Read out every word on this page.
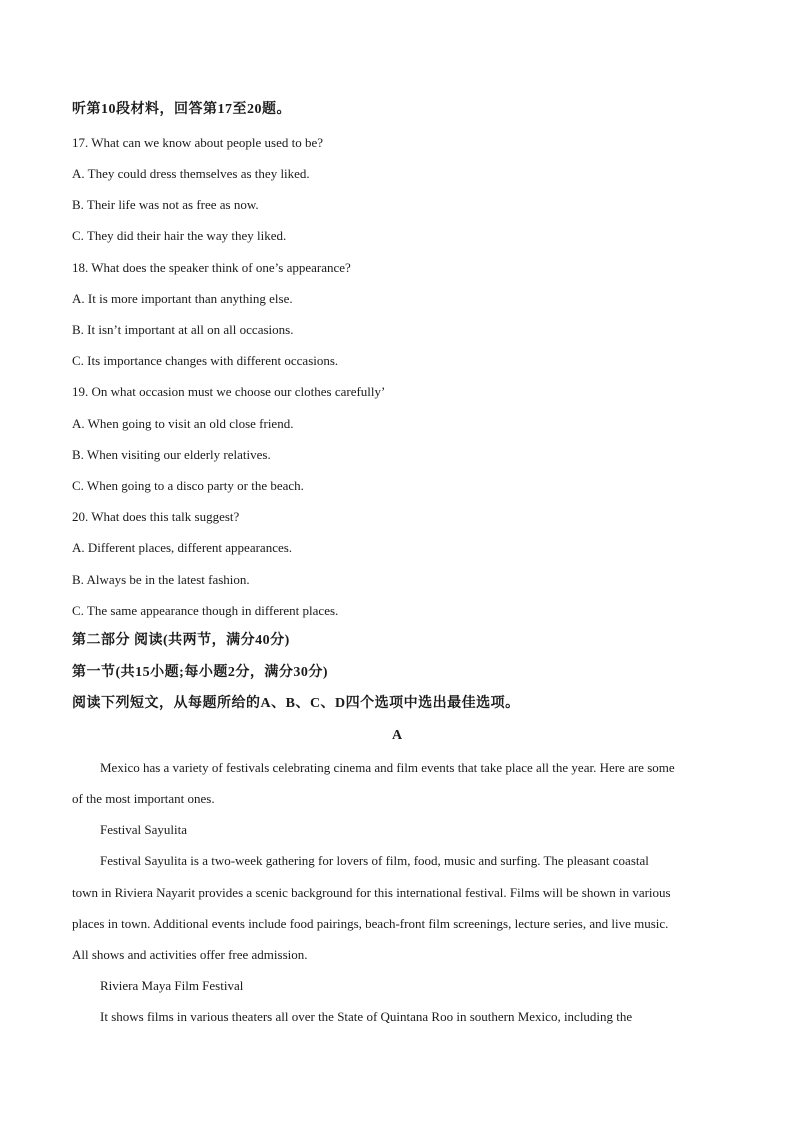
听第10段材料，回答第17至20题。
17. What can we know about people used to be?
A. They could dress themselves as they liked.
B. Their life was not as free as now.
C. They did their hair the way they liked.
18. What does the speaker think of one’s appearance?
A. It is more important than anything else.
B. It isn’t important at all on all occasions.
C. Its importance changes with different occasions.
19. On what occasion must we choose our clothes carefully’
A. When going to visit an old close friend.
B. When visiting our elderly relatives.
C. When going to a disco party or the beach.
20. What does this talk suggest?
A. Different places, different appearances.
B. Always be in the latest fashion.
C. The same appearance though in different places.
第二部分 阅读(共两节，满分40分)
第一节(共15小题;每小题2分，满分30分)
阅读下列短文，从每题所给的A、B、C、D四个选项中选出最佳选项。
A
Mexico has a variety of festivals celebrating cinema and film events that take place all the year. Here are some
of the most important ones.
Festival Sayulita
Festival Sayulita is a two-week gathering for lovers of film, food, music and surfing. The pleasant coastal
town in Riviera Nayarit provides a scenic background for this international festival. Films will be shown in various
places in town. Additional events include food pairings, beach-front film screenings, lecture series, and live music.
All shows and activities offer free admission.
Riviera Maya Film Festival
It shows films in various theaters all over the State of Quintana Roo in southern Mexico, including the
